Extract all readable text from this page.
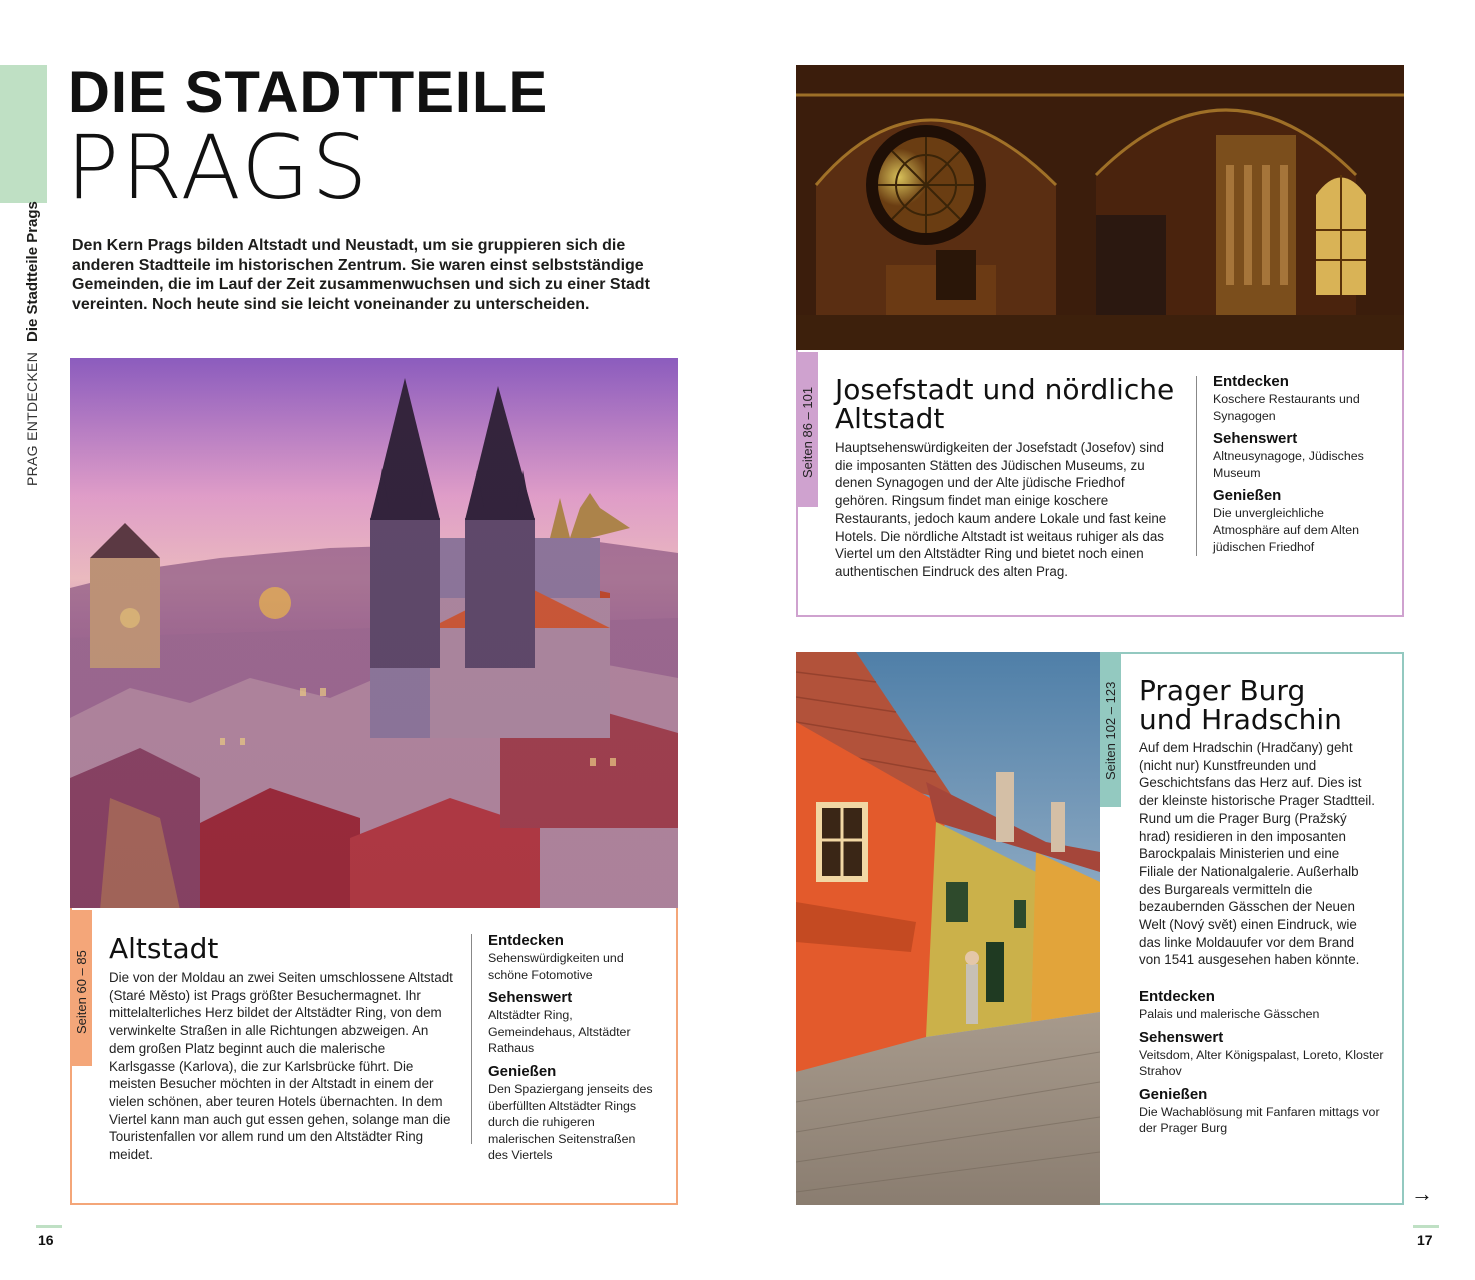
PRAG ENTDECKEN Die Stadtteile Prags
DIE STADTTEILE
PRAGS
Den Kern Prags bilden Altstadt und Neustadt, um sie gruppieren sich die anderen Stadtteile im historischen Zentrum. Sie waren einst selbstständige Gemeinden, die im Lauf der Zeit zusammenwuchsen und sich zu einer Stadt vereinten. Noch heute sind sie leicht voneinander zu unterscheiden.
Seiten 60 – 85
Altstadt
Die von der Moldau an zwei Seiten umschlossene Altstadt (Staré Město) ist Prags größter Besuchermagnet. Ihr mittelalterliches Herz bildet der Altstädter Ring, von dem verwinkelte Straßen in alle Richtungen abzweigen. An dem großen Platz beginnt auch die malerische Karlsgasse (Karlova), die zur Karlsbrücke führt. Die meisten Besucher möchten in der Altstadt in einem der vielen schönen, aber teuren Hotels übernachten. In dem Viertel kann man auch gut essen gehen, solange man die Touristenfallen vor allem rund um den Altstädter Ring meidet.
Entdecken
Sehenswürdigkeiten und schöne Fotomotive
Sehenswert
Altstädter Ring, Gemeindehaus, Altstädter Rathaus
Genießen
Den Spaziergang jenseits des überfüllten Altstädter Rings durch die ruhigeren malerischen Seitenstraßen des Viertels
16
Seiten 86 – 101 Josefstadt und nördliche Altstadt
Hauptsehenswürdigkeiten der Josefstadt (Josefov) sind die imposanten Stätten des Jüdischen Museums, zu denen Synagogen und der Alte jüdische Friedhof gehören. Ringsum findet man einige koschere Restaurants, jedoch kaum andere Lokale und fast keine Hotels. Die nördliche Altstadt ist weitaus ruhiger als das Viertel um den Altstädter Ring und bietet noch einen authentischen Eindruck des alten Prag.
Entdecken
Koschere Restaurants und Synagogen
Sehenswert
Altneusynagoge, Jüdisches Museum
Genießen
Die unvergleichliche Atmosphäre auf dem Alten jüdischen Friedhof
Seiten 102 – 123 Prager Burg und Hradschin
Auf dem Hradschin (Hradčany) geht (nicht nur) Kunstfreunden und Geschichtsfans das Herz auf. Dies ist der kleinste historische Prager Stadtteil. Rund um die Prager Burg (Pražský hrad) residieren in den imposanten Barockpalais Ministerien und eine Filiale der Nationalgalerie. Außerhalb des Burgareals vermitteln die bezaubernden Gässchen der Neuen Welt (Nový svět) einen Eindruck, wie das linke Moldauufer vor dem Brand von 1541 ausgesehen haben könnte.
Entdecken
Palais und malerische Gässchen
Sehenswert
Veitsdom, Alter Königspalast, Loreto, Kloster Strahov
Genießen
Die Wachablösung mit Fanfaren mittags vor der Prager Burg
→
17
